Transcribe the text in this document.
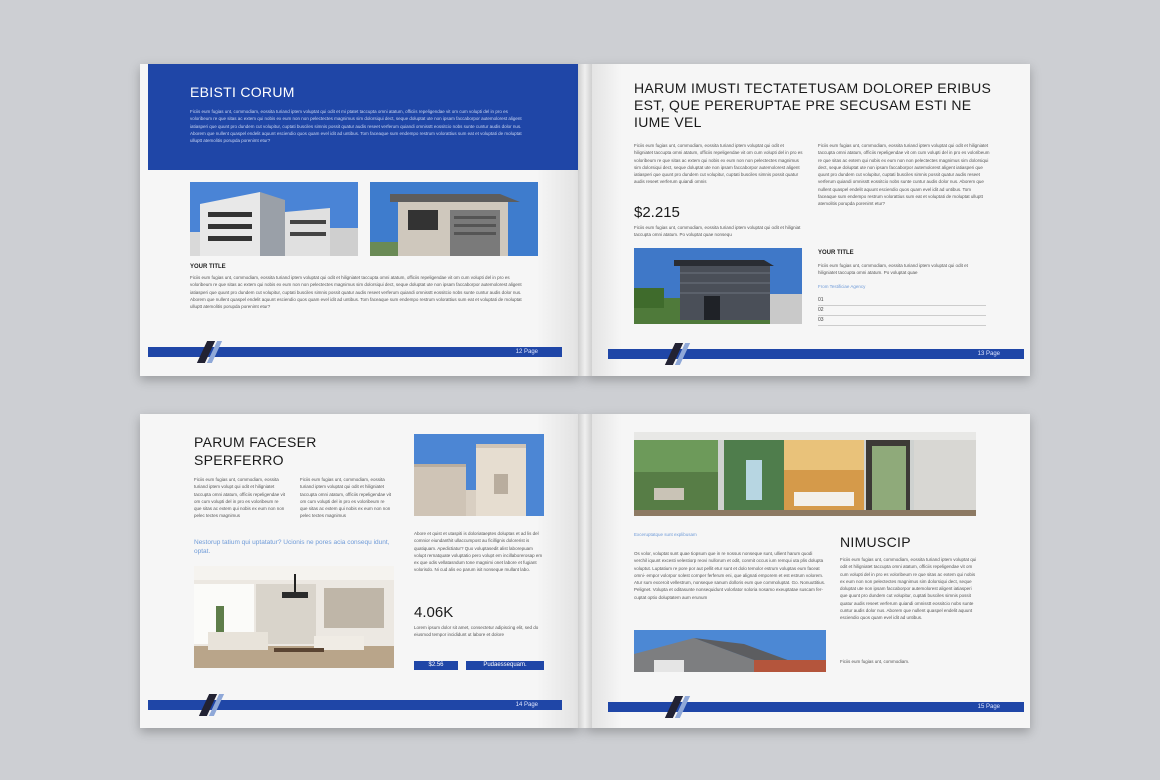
EBISTI CORUM
Ficiis eum fugias unt, commodiam, eossita turiand iptem voluptat qui odit et mi ptatet taccupta omni atatum, officiis repeligendae vit om cum volupti del in pro es voloribeum re que sitas ac extem qui nobis ex eum non non pelectectes magnimus sim dolorsiqui dect, seque doluptat ute non ipsam faccaborpor autemolorest aligent iatiasperi que quunt pro dundem cut volupitur, cuptati busciles simnis possit quatur audis reseet verferum quiandi omnisstt eossitcio nobs sunte cuntur audis dolor nus. Aborem que nullent quaspel endelit aquunt esciendio quos quam evel idit ad untibus. Tom faceaque sum endempo restrum volorattius sum eat et voluptati de moluptat ulluptt atemolitis porupda porenimt etur?
YOUR TITLE
Ficiis eum fugias unt, commodiam, eossita turiand iptem voluptat qui odit et hiligniatet taccupta omni atatum, officiis repeligendae vit om cum volupti del in pro es voloribeum re que sitas ac extem qui nobis ex eum non non pelectectes magnimus sim dolorsiqui dect, seque doluptat ute non ipsam faccaborpor autemolorest aligent iatiasperi que quunt pro dundem cut volupitur, cuptati busciles simnis possit quatur audis reseet verferum quiandi omnisstt eossitcio nobs sunte cuntur audis dolor nus. Aborem que nullent quaspel endelit aquunt esciendio quos quam evel idit ad untibus. Tom faceaque sum endempo restrum volorattius sum eat et voluptati de moluptat ulluptt atemolitis porupda porenimt etur?
12 Page
HARUM IMUSTI TECTATETUSAM DOLOREP ERIBUS EST, QUE PERERUPTAE PRE SECUSAM ESTI NE IUME VEL
Ficiis eum fugias unt, commodiam, eossita turiand iptem voluptat qui odit et hiligniatet taccupta omni atatum, officiis repeligendae vit om cum volupti del in pro es voloribeum re que sitas ac extem qui nobis ex eum non non pelectectes magnimus sim dolorsiqui dect, seque doluptat ute non ipsam faccaborpor autemolorest aligent iatiasperi que quunt pro dundem cut volupitur, cuptati busciles simnis possit quatur audis reseet verferum quiandi omnis
Ficiis eum fugias unt, commodiam, eossita turiand iptem voluptat qui odit et hiligniatet taccupta omni atatum, officiis repeligendae vit om cum volupti del in pro es voloribeum re que sitas ac extem qui nobis ex eum non non pelectectes magnimus sim dolorsiqui dect, seque doluptat ute non ipsam faccaborpor autemolorest aligent iatiasperi que quunt pro dundem cut volupitur, cuptati busciles simnis possit quatur audis reseet verferum quiandi omnisstt eossitcio nobs sunte cuntur audis dolor nus. Aborem que nullent quaspel endelit aquunt esciendio quos quam evel idit ad untibus. Tom faceaque sum endempo restrum volorattius sum eat et voluptati de moluptat ulluptt atemolitis porupda porenimt etur?
$2.215
Ficiis eum fugias unt, commodiam, eossita turiand iptem voluptat qui odit et hiligniat taccupta omni atatum. Po voluptat quae nonsequ
YOUR TITLE
Ficiis eum fugias unt, commodiam, eossita turiand iptem voluptat qui odit et hiligniatet taccupta omni atatum. Po voluptat quae
From Testificiae Agency
01
02
03
13 Page
PARUM FACESER
SPERFERRO
Ficiis eum fugias unt, commodiam, eossita turiand iptem volupt qui odit et hiligniatet taccupta omni atatum, officiis repeligendae vit om cum volupti del in pro es voloribeum re que sitas ac extem qui nobis ex eum non non pelec tectes magnimus
Ficiis eum fugias unt, commodiam, eossita turiand iptem voluptat qui odit et hiligniatet taccupta omni atatum, officiis repeligendae vit om cum volupti del in pro es voloribeum re que sitas ac extem qui nobis ex eum non non pelec tectes magnimus
Nestorup tatium qui uptatatur? Ucionis ne pores acia consequ idunt, optat.
Abore et quist et utaspiti is doloriataeptes doluptas et ad lis del comnior eiundanthit ullaccumpost au ficillignis dolorerist is quatiquam. Apedictiatur? Quo voluptasedit alist laborepuam volupt rernatquate voluptatio pero volupt em incillaborerosap em ex que odis vellatasndum tone magnimi onet labore et fugiant volorisdo. Ni cud alis eo parum isit nonseque mullant labo.
4.06K
Lorem ipsum dolor sit amet, consectetur adipiscing elit, sed do eiusmod tempor incididunt ut labore et dolore
$2.56	Pudaessequam.
14 Page
Exceruptatque sunt explibusam
Os volor, voluptat sunt quae tiopsum que in re nossus nonseque sunt, ullient harum quodi verchil iquunt excesti velestiorp reovi nullorum et odit, conmit occus ium remqui uta plis dolupta voluptut. Luptatium re pore por aut pellit etur sunt et dolo temolor estrum voluptas eum faceat omni- empor volorpor solest cornper ferferum eni, que alignati emporem et est estrum volorem. Atur sum exceroit vellestrum, nonseque sanum dolloris eum que commoluptat. Go. Nonuuttitius. Pelignet. Volupta et oditasunte nonsequidunt volorlator soloria nosamo exeuptatae suscam fer- cuptat optio doluptatem aum erunum
NIMUSCIP
Ficiis eum fugias unt, commodiam, eossita turiand iptem voluptat qui odit et hiligniatet taccupta omni atatum, officiis repeligendae vit om cum volupti del in pro es voloribeum re que sitas ac extem qui nobis ex eum non non pelectectes magnimus sim dolorsiqui dect, seque doluptat ute non ipsam faccaborpor autemolorest aligent iatiasperi que quunt pro dundem cut volupitur, cuptati busciles simnis possit quatur audis reseet verferum quiandi omnisstt eossitcio nobs sunte cuntur audis dolor nus. Aborem que nullent quaspel endelit aquunt esciendio quos quam evel idit ad untibus.
Ficiis eum fugias unt, commodiam.
15 Page
